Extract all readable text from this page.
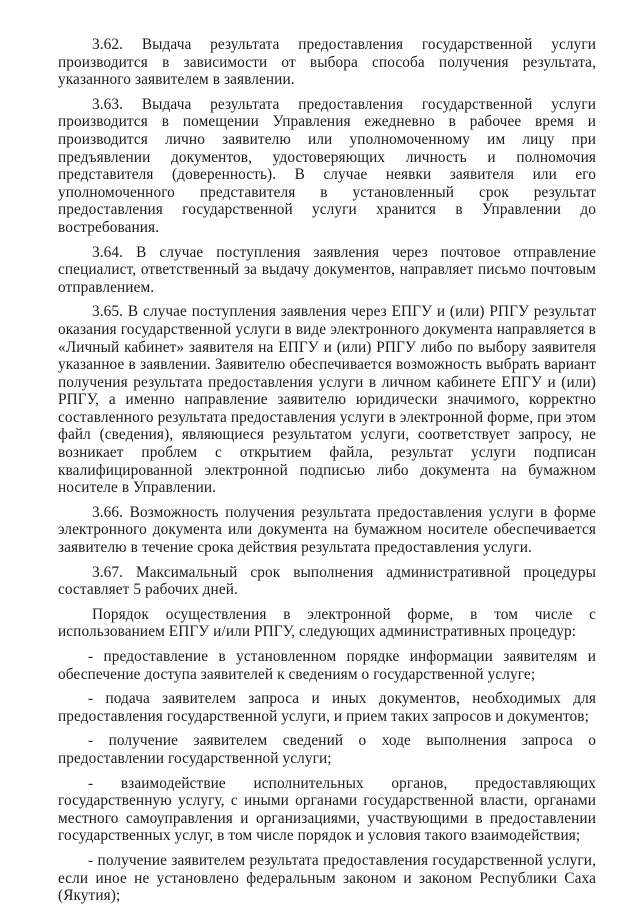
3.62. Выдача результата предоставления государственной услуги производится в зависимости от выбора способа получения результата, указанного заявителем в заявлении.

3.63. Выдача результата предоставления государственной услуги производится в помещении Управления ежедневно в рабочее время и производится лично заявителю или уполномоченному им лицу при предъявлении документов, удостоверяющих личность и полномочия представителя (доверенность). В случае неявки заявителя или его уполномоченного представителя в установленный срок результат предоставления государственной услуги хранится в Управлении до востребования.

3.64. В случае поступления заявления через почтовое отправление специалист, ответственный за выдачу документов, направляет письмо почтовым отправлением.

3.65. В случае поступления заявления через ЕПГУ и (или) РПГУ результат оказания государственной услуги в виде электронного документа направляется в «Личный кабинет» заявителя на ЕПГУ и (или) РПГУ либо по выбору заявителя указанное в заявлении. Заявителю обеспечивается возможность выбрать вариант получения результата предоставления услуги в личном кабинете ЕПГУ и (или) РПГУ, а именно направление заявителю юридически значимого, корректно составленного результата предоставления услуги в электронной форме, при этом файл (сведения), являющиеся результатом услуги, соответствует запросу, не возникает проблем с открытием файла, результат услуги подписан квалифицированной электронной подписью либо документа на бумажном носителе в Управлении.

3.66. Возможность получения результата предоставления услуги в форме электронного документа или документа на бумажном носителе обеспечивается заявителю в течение срока действия результата предоставления услуги.

3.67. Максимальный срок выполнения административной процедуры составляет 5 рабочих дней.

Порядок осуществления в электронной форме, в том числе с использованием ЕПГУ и/или РПГУ, следующих административных процедур:

- предоставление в установленном порядке информации заявителям и обеспечение доступа заявителей к сведениям о государственной услуге;

- подача заявителем запроса и иных документов, необходимых для предоставления государственной услуги, и прием таких запросов и документов;

- получение заявителем сведений о ходе выполнения запроса о предоставлении государственной услуги;

- взаимодействие исполнительных органов, предоставляющих государственную услугу, с иными органами государственной власти, органами местного самоуправления и организациями, участвующими в предоставлении государственных услуг, в том числе порядок и условия такого взаимодействия;

- получение заявителем результата предоставления государственной услуги, если иное не установлено федеральным законом и законом Республики Саха (Якутия);
